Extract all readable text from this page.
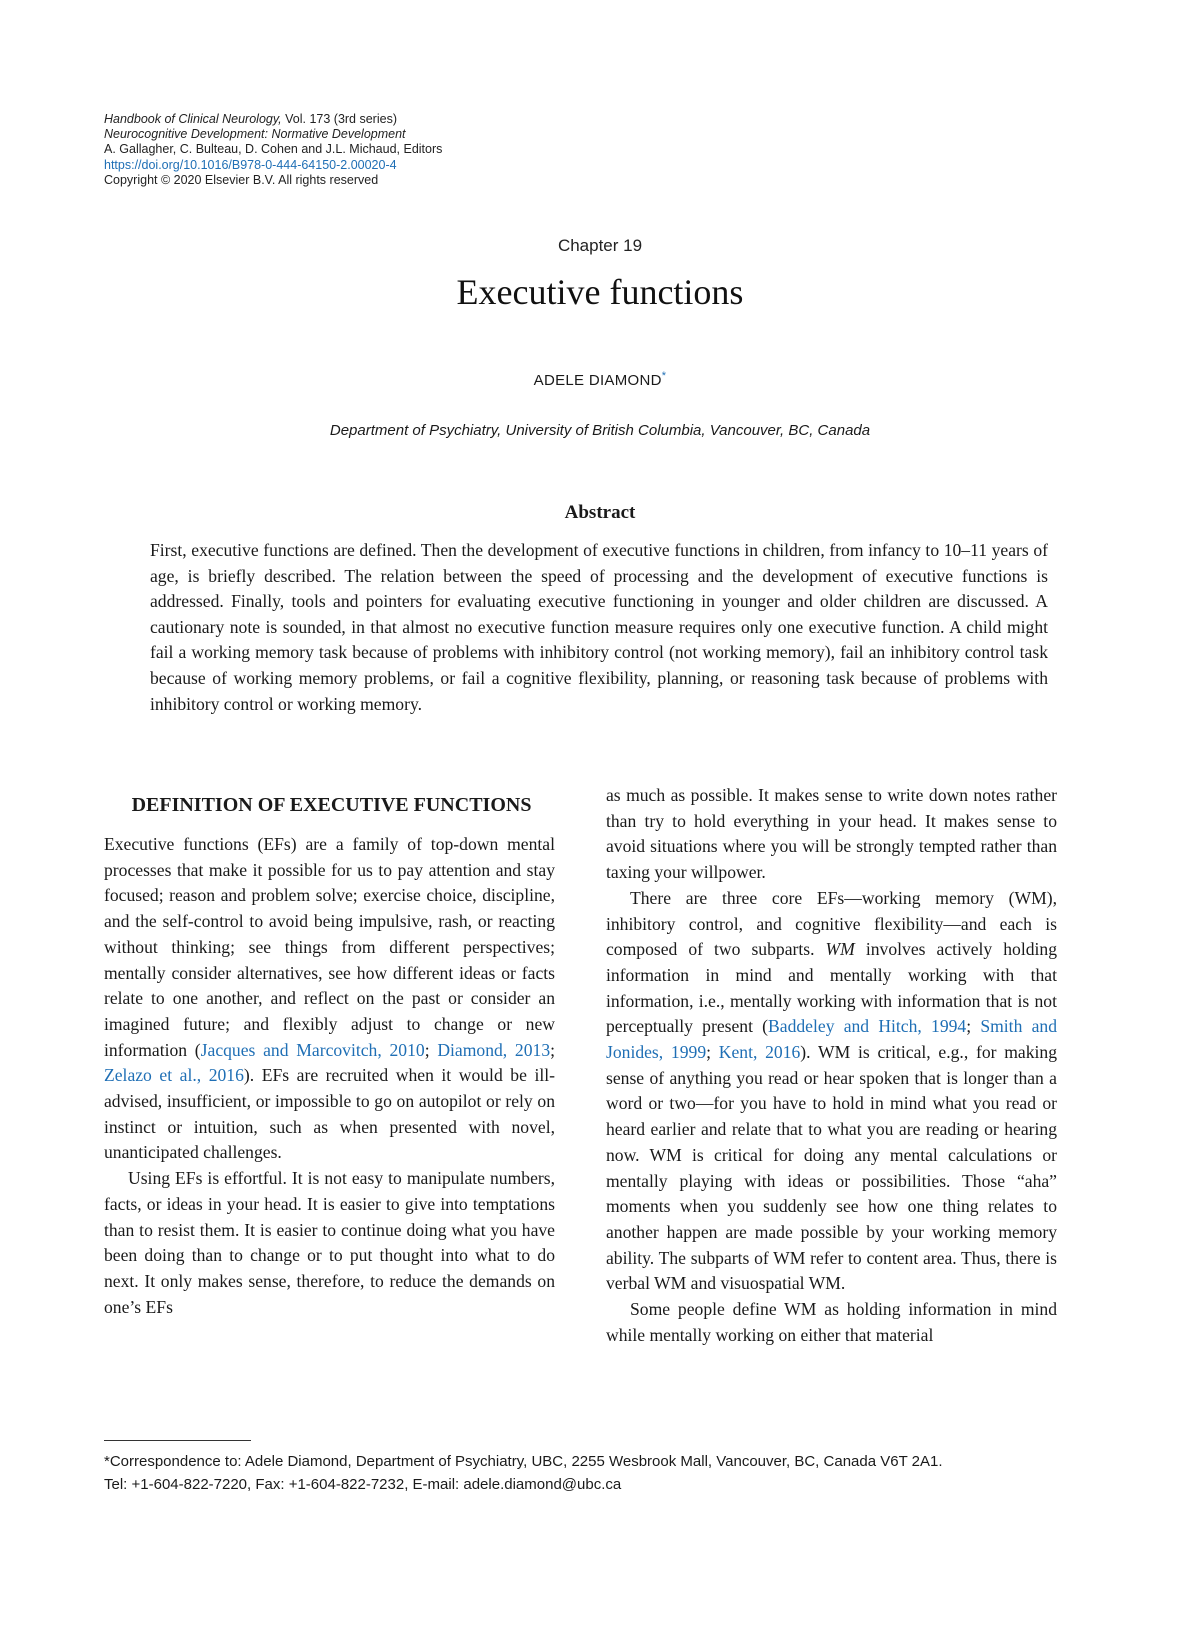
Handbook of Clinical Neurology, Vol. 173 (3rd series)
Neurocognitive Development: Normative Development
A. Gallagher, C. Bulteau, D. Cohen and J.L. Michaud, Editors
https://doi.org/10.1016/B978-0-444-64150-2.00020-4
Copyright © 2020 Elsevier B.V. All rights reserved
Chapter 19
Executive functions
ADELE DIAMOND*
Department of Psychiatry, University of British Columbia, Vancouver, BC, Canada
Abstract
First, executive functions are defined. Then the development of executive functions in children, from infancy to 10–11 years of age, is briefly described. The relation between the speed of processing and the development of executive functions is addressed. Finally, tools and pointers for evaluating executive functioning in younger and older children are discussed. A cautionary note is sounded, in that almost no executive function measure requires only one executive function. A child might fail a working memory task because of problems with inhibitory control (not working memory), fail an inhibitory control task because of working memory problems, or fail a cognitive flexibility, planning, or reasoning task because of problems with inhibitory control or working memory.
DEFINITION OF EXECUTIVE FUNCTIONS

Executive functions (EFs) are a family of top-down mental processes that make it possible for us to pay attention and stay focused; reason and problem solve; exercise choice, discipline, and the self-control to avoid being impulsive, rash, or reacting without thinking; see things from different perspectives; mentally consider alternatives, see how different ideas or facts relate to one another, and reflect on the past or consider an imagined future; and flexibly adjust to change or new information (Jacques and Marcovitch, 2010; Diamond, 2013; Zelazo et al., 2016). EFs are recruited when it would be ill-advised, insufficient, or impossible to go on autopilot or rely on instinct or intuition, such as when presented with novel, unanticipated challenges.

Using EFs is effortful. It is not easy to manipulate numbers, facts, or ideas in your head. It is easier to give into temptations than to resist them. It is easier to continue doing what you have been doing than to change or to put thought into what to do next. It only makes sense, therefore, to reduce the demands on one’s EFs

as much as possible. It makes sense to write down notes rather than try to hold everything in your head. It makes sense to avoid situations where you will be strongly tempted rather than taxing your willpower.

There are three core EFs—working memory (WM), inhibitory control, and cognitive flexibility—and each is composed of two subparts. WM involves actively holding information in mind and mentally working with that information, i.e., mentally working with information that is not perceptually present (Baddeley and Hitch, 1994; Smith and Jonides, 1999; Kent, 2016). WM is critical, e.g., for making sense of anything you read or hear spoken that is longer than a word or two—for you have to hold in mind what you read or heard earlier and relate that to what you are reading or hearing now. WM is critical for doing any mental calculations or mentally playing with ideas or possibilities. Those “aha” moments when you suddenly see how one thing relates to another happen are made possible by your working memory ability. The subparts of WM refer to content area. Thus, there is verbal WM and visuospatial WM.

Some people define WM as holding information in mind while mentally working on either that material

*Correspondence to: Adele Diamond, Department of Psychiatry, UBC, 2255 Wesbrook Mall, Vancouver, BC, Canada V6T 2A1.
Tel: +1-604-822-7220, Fax: +1-604-822-7232, E-mail: adele.diamond@ubc.ca
